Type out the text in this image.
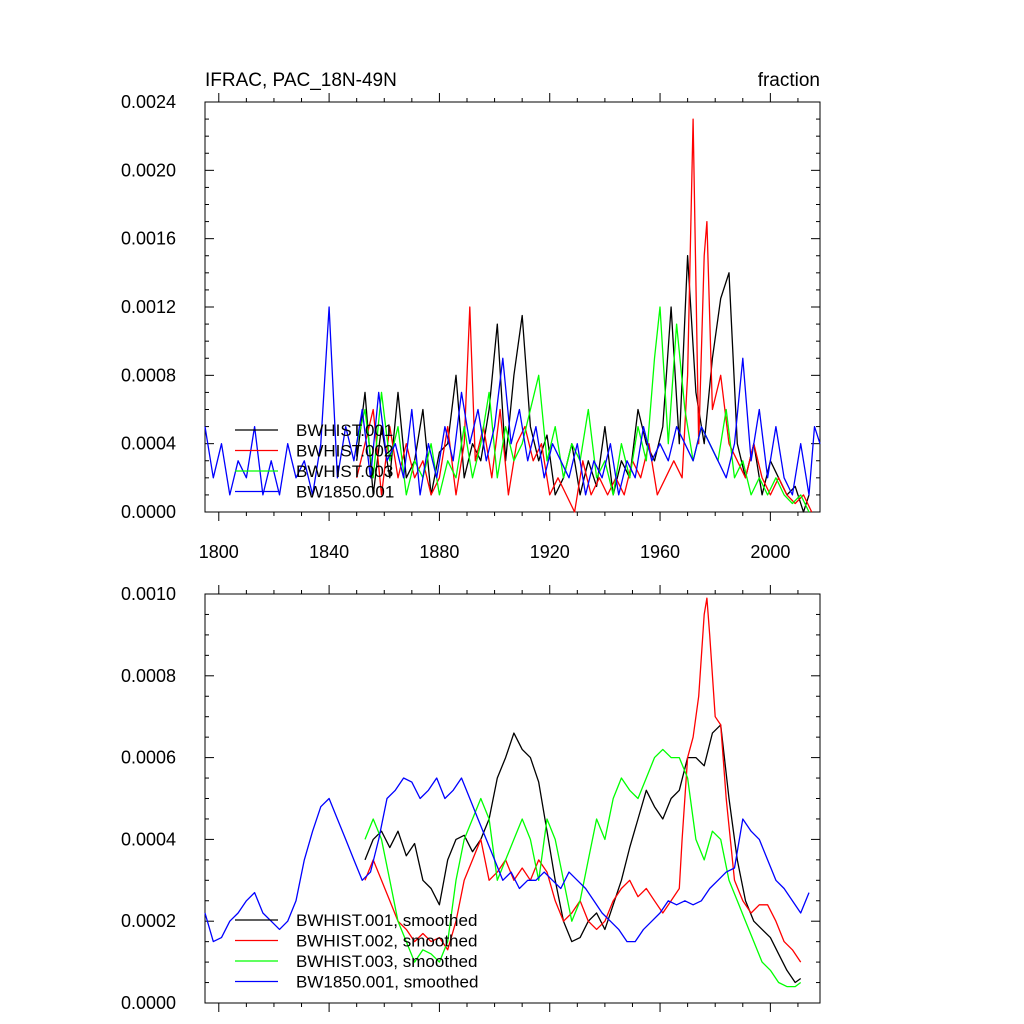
IFRAC, PAC_18N-49N	fraction
0.0000
0.0004
0.0008
0.0012
0.0016
0.0020
0.0024
1800	1840	1880	1920	1960	2000
BWHIST.001
BWHIST.002
BWHIST.003
BW1850.001
0.0000
0.0002
0.0004
0.0006
0.0008
0.0010
BWHIST.001, smoothed
BWHIST.002, smoothed
BWHIST.003, smoothed
BW1850.001, smoothed
